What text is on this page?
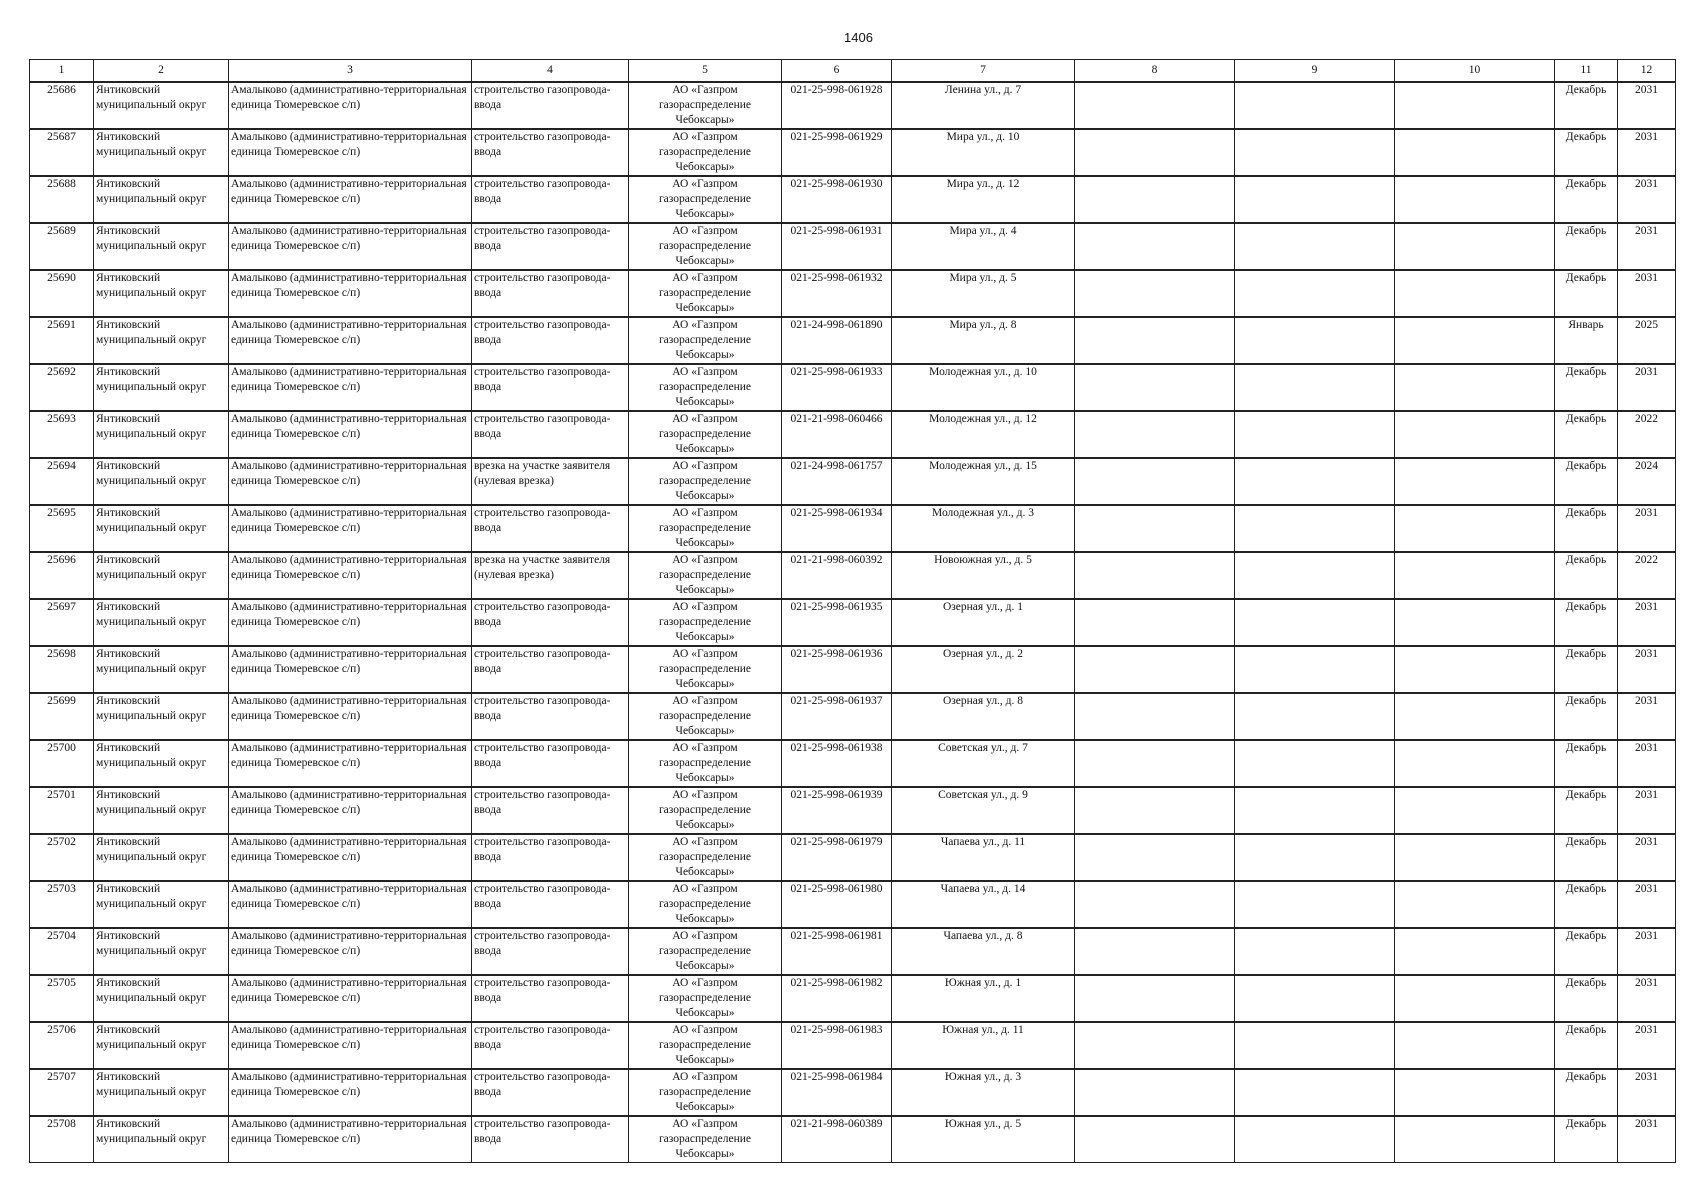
1406
1	2	3	4	5	6	7	8	9	10	11	12
25686	Янтиковский муниципальный округ	Амалыково (административно-территориальная единица Тюмеревское с/п)	строительство газопровода-ввода	АО «Газпром газораспределение Чебоксары»	021-25-998-061928	Ленина ул., д. 7				Декабрь	2031
25687	Янтиковский муниципальный округ	Амалыково (административно-территориальная единица Тюмеревское с/п)	строительство газопровода-ввода	АО «Газпром газораспределение Чебоксары»	021-25-998-061929	Мира ул., д. 10				Декабрь	2031
25688	Янтиковский муниципальный округ	Амалыково (административно-территориальная единица Тюмеревское с/п)	строительство газопровода-ввода	АО «Газпром газораспределение Чебоксары»	021-25-998-061930	Мира ул., д. 12				Декабрь	2031
25689	Янтиковский муниципальный округ	Амалыково (административно-территориальная единица Тюмеревское с/п)	строительство газопровода-ввода	АО «Газпром газораспределение Чебоксары»	021-25-998-061931	Мира ул., д. 4				Декабрь	2031
25690	Янтиковский муниципальный округ	Амалыково (административно-территориальная единица Тюмеревское с/п)	строительство газопровода-ввода	АО «Газпром газораспределение Чебоксары»	021-25-998-061932	Мира ул., д. 5				Декабрь	2031
25691	Янтиковский муниципальный округ	Амалыково (административно-территориальная единица Тюмеревское с/п)	строительство газопровода-ввода	АО «Газпром газораспределение Чебоксары»	021-24-998-061890	Мира ул., д. 8				Январь	2025
25692	Янтиковский муниципальный округ	Амалыково (административно-территориальная единица Тюмеревское с/п)	строительство газопровода-ввода	АО «Газпром газораспределение Чебоксары»	021-25-998-061933	Молодежная ул., д. 10				Декабрь	2031
25693	Янтиковский муниципальный округ	Амалыково (административно-территориальная единица Тюмеревское с/п)	строительство газопровода-ввода	АО «Газпром газораспределение Чебоксары»	021-21-998-060466	Молодежная ул., д. 12				Декабрь	2022
25694	Янтиковский муниципальный округ	Амалыково (административно-территориальная единица Тюмеревское с/п)	врезка на участке заявителя (нулевая врезка)	АО «Газпром газораспределение Чебоксары»	021-24-998-061757	Молодежная ул., д. 15				Декабрь	2024
25695	Янтиковский муниципальный округ	Амалыково (административно-территориальная единица Тюмеревское с/п)	строительство газопровода-ввода	АО «Газпром газораспределение Чебоксары»	021-25-998-061934	Молодежная ул., д. 3				Декабрь	2031
25696	Янтиковский муниципальный округ	Амалыково (административно-территориальная единица Тюмеревское с/п)	врезка на участке заявителя (нулевая врезка)	АО «Газпром газораспределение Чебоксары»	021-21-998-060392	Новоюжная ул., д. 5				Декабрь	2022
25697	Янтиковский муниципальный округ	Амалыково (административно-территориальная единица Тюмеревское с/п)	строительство газопровода-ввода	АО «Газпром газораспределение Чебоксары»	021-25-998-061935	Озерная ул., д. 1				Декабрь	2031
25698	Янтиковский муниципальный округ	Амалыково (административно-территориальная единица Тюмеревское с/п)	строительство газопровода-ввода	АО «Газпром газораспределение Чебоксары»	021-25-998-061936	Озерная ул., д. 2				Декабрь	2031
25699	Янтиковский муниципальный округ	Амалыково (административно-территориальная единица Тюмеревское с/п)	строительство газопровода-ввода	АО «Газпром газораспределение Чебоксары»	021-25-998-061937	Озерная ул., д. 8				Декабрь	2031
25700	Янтиковский муниципальный округ	Амалыково (административно-территориальная единица Тюмеревское с/п)	строительство газопровода-ввода	АО «Газпром газораспределение Чебоксары»	021-25-998-061938	Советская ул., д. 7				Декабрь	2031
25701	Янтиковский муниципальный округ	Амалыково (административно-территориальная единица Тюмеревское с/п)	строительство газопровода-ввода	АО «Газпром газораспределение Чебоксары»	021-25-998-061939	Советская ул., д. 9				Декабрь	2031
25702	Янтиковский муниципальный округ	Амалыково (административно-территориальная единица Тюмеревское с/п)	строительство газопровода-ввода	АО «Газпром газораспределение Чебоксары»	021-25-998-061979	Чапаева ул., д. 11				Декабрь	2031
25703	Янтиковский муниципальный округ	Амалыково (административно-территориальная единица Тюмеревское с/п)	строительство газопровода-ввода	АО «Газпром газораспределение Чебоксары»	021-25-998-061980	Чапаева ул., д. 14				Декабрь	2031
25704	Янтиковский муниципальный округ	Амалыково (административно-территориальная единица Тюмеревское с/п)	строительство газопровода-ввода	АО «Газпром газораспределение Чебоксары»	021-25-998-061981	Чапаева ул., д. 8				Декабрь	2031
25705	Янтиковский муниципальный округ	Амалыково (административно-территориальная единица Тюмеревское с/п)	строительство газопровода-ввода	АО «Газпром газораспределение Чебоксары»	021-25-998-061982	Южная ул., д. 1				Декабрь	2031
25706	Янтиковский муниципальный округ	Амалыково (административно-территориальная единица Тюмеревское с/п)	строительство газопровода-ввода	АО «Газпром газораспределение Чебоксары»	021-25-998-061983	Южная ул., д. 11				Декабрь	2031
25707	Янтиковский муниципальный округ	Амалыково (административно-территориальная единица Тюмеревское с/п)	строительство газопровода-ввода	АО «Газпром газораспределение Чебоксары»	021-25-998-061984	Южная ул., д. 3				Декабрь	2031
25708	Янтиковский муниципальный округ	Амалыково (административно-территориальная единица Тюмеревское с/п)	строительство газопровода-ввода	АО «Газпром газораспределение Чебоксары»	021-21-998-060389	Южная ул., д. 5				Декабрь	2031
